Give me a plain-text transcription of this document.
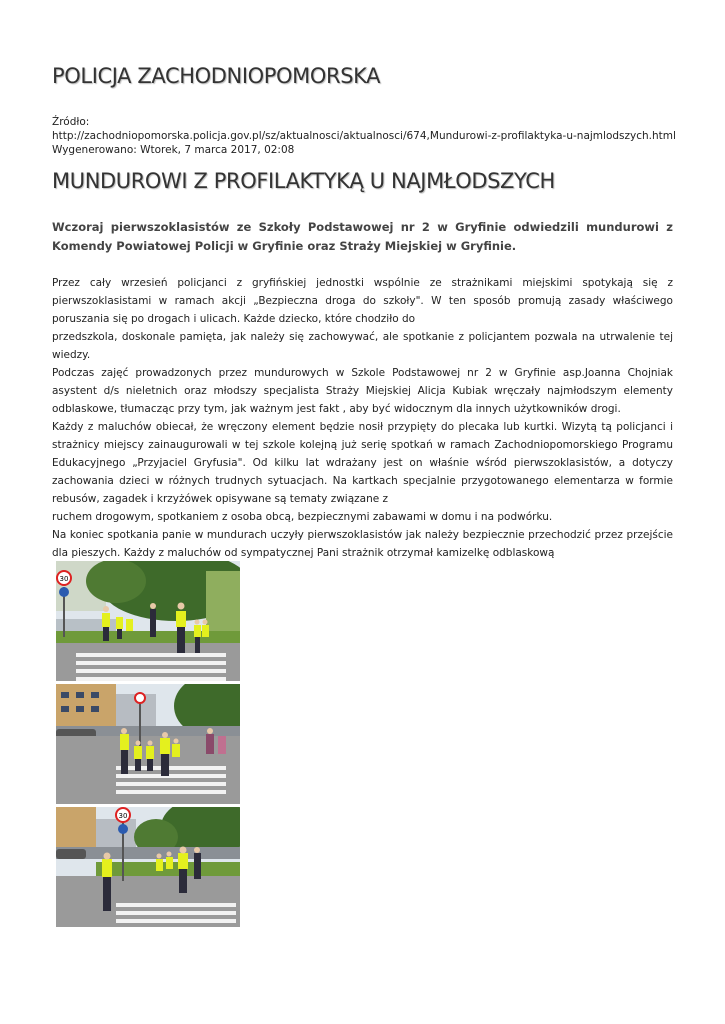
POLICJA ZACHODNIOPOMORSKA
Źródło:
http://zachodniopomorska.policja.gov.pl/sz/aktualnosci/aktualnosci/674,Mundurowi-z-profilaktyka-u-najmlodszych.html
Wygenerowano: Wtorek, 7 marca 2017, 02:08
MUNDUROWI Z PROFILAKTYKĄ U NAJMŁODSZYCH
Wczoraj pierwszoklasistów ze Szkoły Podstawowej nr 2 w Gryfinie odwiedzili mundurowi z Komendy Powiatowej Policji w Gryfinie oraz Straży Miejskiej w Gryfinie.

Przez cały wrzesień policjanci z gryfińskiej jednostki wspólnie ze strażnikami miejskimi spotykają się z pierwszoklasistami w ramach akcji „Bezpieczna droga do szkoły". W ten sposób promują zasady właściwego poruszania się po drogach i ulicach. Każde dziecko, które chodziło do

przedszkola, doskonale pamięta, jak należy się zachowywać, ale spotkanie z policjantem pozwala na utrwalenie tej wiedzy.

Podczas zajęć prowadzonych przez mundurowych w Szkole Podstawowej nr 2 w Gryfinie asp.Joanna Chojniak asystent d/s nieletnich oraz młodszy specjalista Straży Miejskiej Alicja Kubiak wręczały najmłodszym elementy odblaskowe, tłumacząc przy tym, jak ważnym jest fakt , aby być widocznym dla innych użytkowników drogi.

Każdy z maluchów obiecał, że wręczony element będzie nosił przypięty do plecaka lub kurtki. Wizytą tą policjanci i strażnicy miejscy zainaugurowali w tej szkole kolejną już serię spotkań w ramach Zachodniopomorskiego Programu Edukacyjnego „Przyjaciel Gryfusia". Od kilku lat wdrażany jest on właśnie wśród pierwszoklasistów, a dotyczy zachowania dzieci w różnych trudnych sytuacjach. Na kartkach specjalnie przygotowanego elementarza w formie rebusów, zagadek i krzyżówek opisywane są tematy związane z

ruchem drogowym, spotkaniem z osoba obcą, bezpiecznymi zabawami w domu i na podwórku.

Na koniec spotkania panie w mundurach uczyły pierwszoklasistów jak należy bezpiecznie przechodzić przez przejście dla pieszych. Każdy z maluchów od sympatycznej Pani strażnik otrzymał kamizelkę odblaskową

30
30
